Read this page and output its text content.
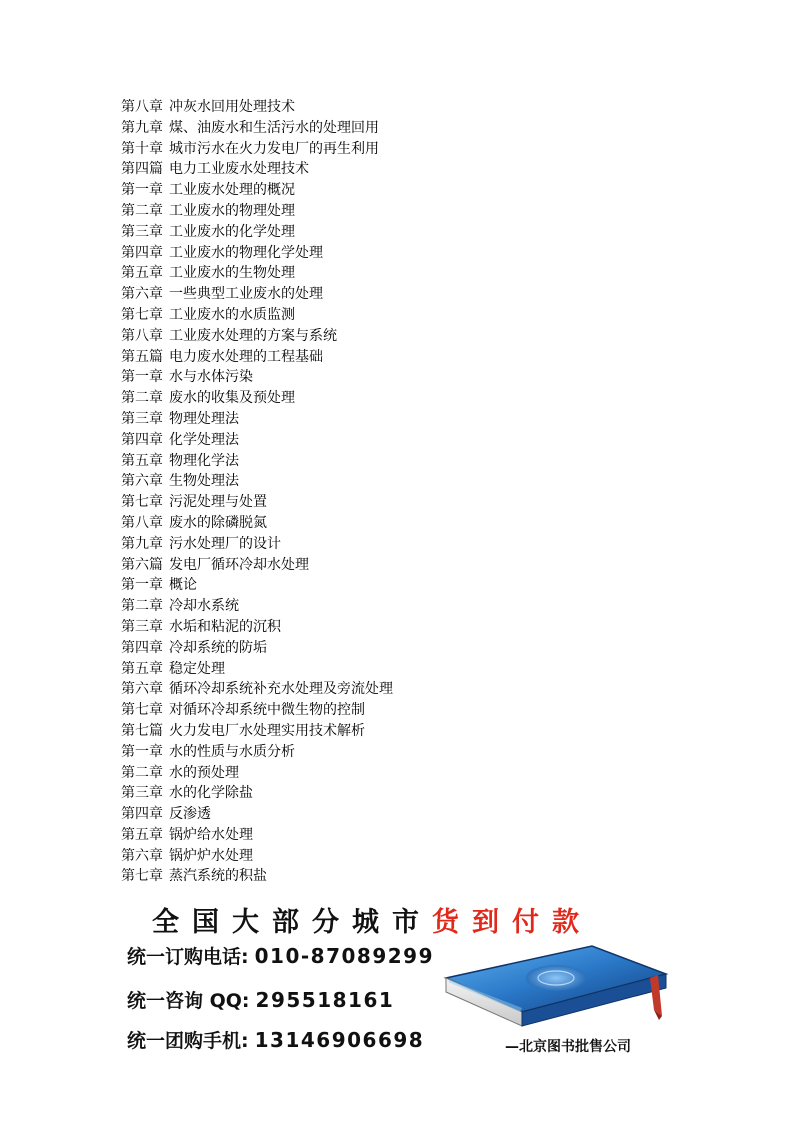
第八章 冲灰水回用处理技术
第九章 煤、油废水和生活污水的处理回用
第十章 城市污水在火力发电厂的再生利用
第四篇 电力工业废水处理技术
第一章 工业废水处理的概况
第二章 工业废水的物理处理
第三章 工业废水的化学处理
第四章 工业废水的物理化学处理
第五章 工业废水的生物处理
第六章 一些典型工业废水的处理
第七章 工业废水的水质监测
第八章 工业废水处理的方案与系统
第五篇 电力废水处理的工程基础
第一章 水与水体污染
第二章 废水的收集及预处理
第三章 物理处理法
第四章 化学处理法
第五章 物理化学法
第六章 生物处理法
第七章 污泥处理与处置
第八章 废水的除磷脱氮
第九章 污水处理厂的设计
第六篇 发电厂循环冷却水处理
第一章 概论
第二章 冷却水系统
第三章 水垢和粘泥的沉积
第四章 冷却系统的防垢
第五章 稳定处理
第六章 循环冷却系统补充水处理及旁流处理
第七章 对循环冷却系统中微生物的控制
第七篇 火力发电厂水处理实用技术解析
第一章 水的性质与水质分析
第二章 水的预处理
第三章 水的化学除盐
第四章 反渗透
第五章 锅炉给水处理
第六章 锅炉炉水处理
第七章 蒸汽系统的积盐
全国大部分城市货到付款
统一订购电话: 010-87089299
统一咨询 QQ: 295518161
统一团购手机: 13146906698	—北京图书批售公司
